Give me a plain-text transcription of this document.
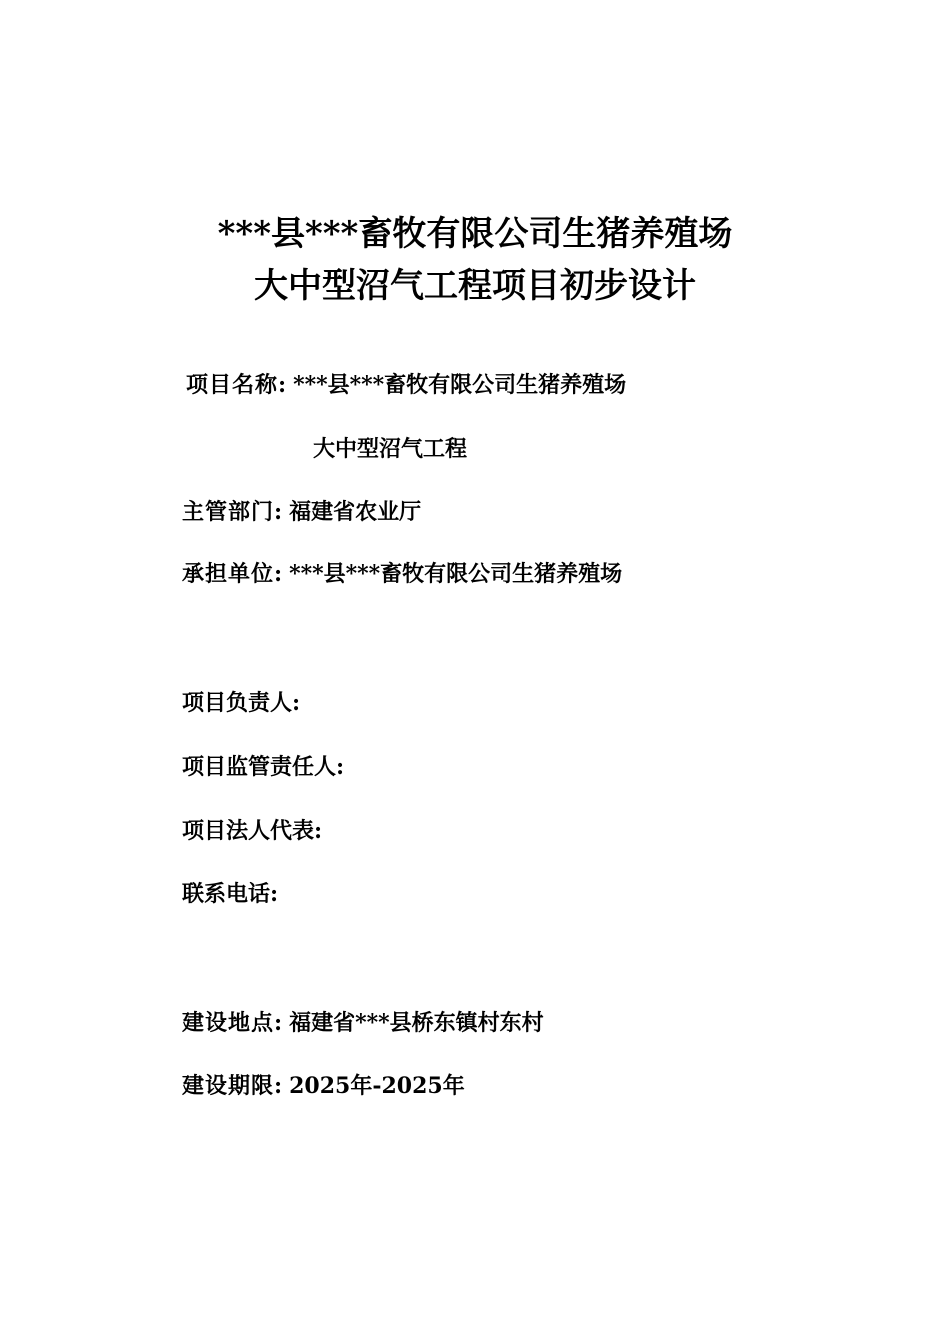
***县***畜牧有限公司生猪养殖场
大中型沼气工程项目初步设计
项目名称: ***县***畜牧有限公司生猪养殖场
大中型沼气工程
主管部门: 福建省农业厅
承担单位: ***县***畜牧有限公司生猪养殖场
项目负责人:
项目监管责任人:
项目法人代表:
联系电话:
建设地点: 福建省***县桥东镇村东村
建设期限: 2025年-2025年
